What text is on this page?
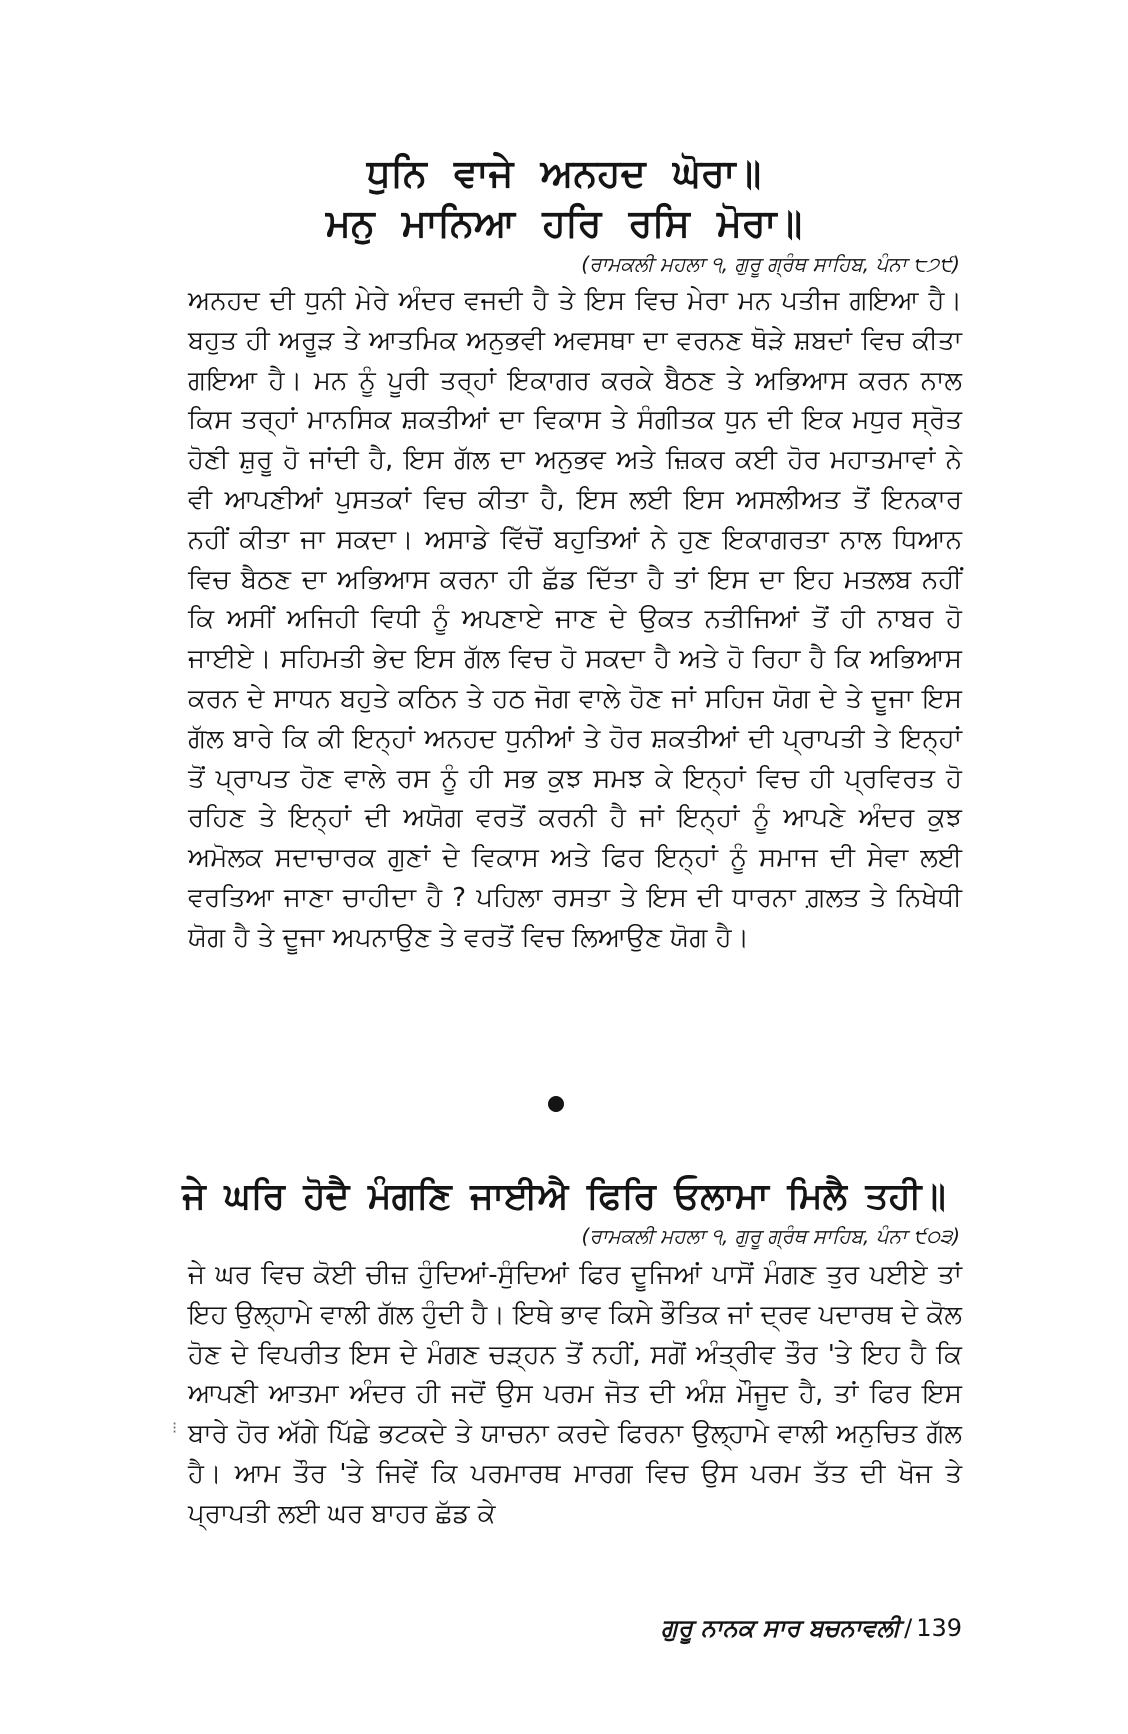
ਧੁਨਿ ਵਾਜੇ ਅਨਹਦ ਘੋਰਾ॥

ਮਨੁ ਮਾਨਿਆ ਹਰਿ ਰਸਿ ਮੋਰਾ॥

(ਰਾਮਕਲੀ ਮਹਲਾ ੧, ਗੁਰੂ ਗ੍ਰੰਥ ਸਾਹਿਬ, ਪੰਨਾ ੮੭੯)

ਅਨਹਦ ਦੀ ਧੁਨੀ ਮੇਰੇ ਅੰਦਰ ਵਜਦੀ ਹੈ ਤੇ ਇਸ ਵਿਚ ਮੇਰਾ ਮਨ ਪਤੀਜ ਗਇਆ ਹੈ। ਬਹੁਤ ਹੀ ਅਰੂੜ ਤੇ ਆਤਮਿਕ ਅਨੁਭਵੀ ਅਵਸਥਾ ਦਾ ਵਰਨਣ ਥੋੜੇ ਸ਼ਬਦਾਂ ਵਿਚ ਕੀਤਾ ਗਇਆ ਹੈ। ਮਨ ਨੂੰ ਪੂਰੀ ਤਰ੍ਹਾਂ ਇਕਾਗਰ ਕਰਕੇ ਬੈਠਣ ਤੇ ਅਭਿਆਸ ਕਰਨ ਨਾਲ ਕਿਸ ਤਰ੍ਹਾਂ ਮਾਨਸਿਕ ਸ਼ਕਤੀਆਂ ਦਾ ਵਿਕਾਸ ਤੇ ਸੰਗੀਤਕ ਧੁਨ ਦੀ ਇਕ ਮਧੁਰ ਸ੍ਰੋਤ ਹੋਣੀ ਸ਼ੁਰੂ ਹੋ ਜਾਂਦੀ ਹੈ, ਇਸ ਗੱਲ ਦਾ ਅਨੁਭਵ ਅਤੇ ਜ਼ਿਕਰ ਕਈ ਹੋਰ ਮਹਾਤਮਾਵਾਂ ਨੇ ਵੀ ਆਪਣੀਆਂ ਪੁਸਤਕਾਂ ਵਿਚ ਕੀਤਾ ਹੈ, ਇਸ ਲਈ ਇਸ ਅਸਲੀਅਤ ਤੋਂ ਇਨਕਾਰ ਨਹੀਂ ਕੀਤਾ ਜਾ ਸਕਦਾ। ਅਸਾਡੇ ਵਿੱਚੋਂ ਬਹੁਤਿਆਂ ਨੇ ਹੁਣ ਇਕਾਗਰਤਾ ਨਾਲ ਧਿਆਨ ਵਿਚ ਬੈਠਣ ਦਾ ਅਭਿਆਸ ਕਰਨਾ ਹੀ ਛੱਡ ਦਿੱਤਾ ਹੈ ਤਾਂ ਇਸ ਦਾ ਇਹ ਮਤਲਬ ਨਹੀਂ ਕਿ ਅਸੀਂ ਅਜਿਹੀ ਵਿਧੀ ਨੂੰ ਅਪਣਾਏ ਜਾਣ ਦੇ ਉਕਤ ਨਤੀਜਿਆਂ ਤੋਂ ਹੀ ਨਾਬਰ ਹੋ ਜਾਈਏ। ਸਹਿਮਤੀ ਭੇਦ ਇਸ ਗੱਲ ਵਿਚ ਹੋ ਸਕਦਾ ਹੈ ਅਤੇ ਹੋ ਰਿਹਾ ਹੈ ਕਿ ਅਭਿਆਸ ਕਰਨ ਦੇ ਸਾਧਨ ਬਹੁਤੇ ਕਠਿਨ ਤੇ ਹਠ ਜੋਗ ਵਾਲੇ ਹੋਣ ਜਾਂ ਸਹਿਜ ਯੋਗ ਦੇ ਤੇ ਦੂਜਾ ਇਸ ਗੱਲ ਬਾਰੇ ਕਿ ਕੀ ਇਨ੍ਹਾਂ ਅਨਹਦ ਧੁਨੀਆਂ ਤੇ ਹੋਰ ਸ਼ਕਤੀਆਂ ਦੀ ਪ੍ਰਾਪਤੀ ਤੇ ਇਨ੍ਹਾਂ ਤੋਂ ਪ੍ਰਾਪਤ ਹੋਣ ਵਾਲੇ ਰਸ ਨੂੰ ਹੀ ਸਭ ਕੁਝ ਸਮਝ ਕੇ ਇਨ੍ਹਾਂ ਵਿਚ ਹੀ ਪ੍ਰਵਿਰਤ ਹੋ ਰਹਿਣ ਤੇ ਇਨ੍ਹਾਂ ਦੀ ਅਯੋਗ ਵਰਤੋਂ ਕਰਨੀ ਹੈ ਜਾਂ ਇਨ੍ਹਾਂ ਨੂੰ ਆਪਣੇ ਅੰਦਰ ਕੁਝ ਅਮੋਲਕ ਸਦਾਚਾਰਕ ਗੁਣਾਂ ਦੇ ਵਿਕਾਸ ਅਤੇ ਫਿਰ ਇਨ੍ਹਾਂ ਨੂੰ ਸਮਾਜ ਦੀ ਸੇਵਾ ਲਈ ਵਰਤਿਆ ਜਾਣਾ ਚਾਹੀਦਾ ਹੈ ? ਪਹਿਲਾ ਰਸਤਾ ਤੇ ਇਸ ਦੀ ਧਾਰਨਾ ਗ਼ਲਤ ਤੇ ਨਿਖੇਧੀ ਯੋਗ ਹੈ ਤੇ ਦੂਜਾ ਅਪਨਾਉਣ ਤੇ ਵਰਤੋਂ ਵਿਚ ਲਿਆਉਣ ਯੋਗ ਹੈ।

ਜੇ ਘਰਿ ਹੋਦੈ ਮੰਗਣਿ ਜਾਈਐ ਫਿਰਿ ਓਲਾਮਾ ਮਿਲੈ ਤਹੀ॥

(ਰਾਮਕਲੀ ਮਹਲਾ ੧, ਗੁਰੂ ਗ੍ਰੰਥ ਸਾਹਿਬ, ਪੰਨਾ ੯੦੩)

ਜੇ ਘਰ ਵਿਚ ਕੋਈ ਚੀਜ਼ ਹੁੰਦਿਆਂ-ਸੁੰਦਿਆਂ ਫਿਰ ਦੂਜਿਆਂ ਪਾਸੋਂ ਮੰਗਣ ਤੁਰ ਪਈਏ ਤਾਂ ਇਹ ਉਲ੍ਹਾਮੇ ਵਾਲੀ ਗੱਲ ਹੁੰਦੀ ਹੈ। ਇਥੇ ਭਾਵ ਕਿਸੇ ਭੌਤਿਕ ਜਾਂ ਦ੍ਰਵ ਪਦਾਰਥ ਦੇ ਕੋਲ ਹੋਣ ਦੇ ਵਿਪਰੀਤ ਇਸ ਦੇ ਮੰਗਣ ਚੜ੍ਹਨ ਤੋਂ ਨਹੀਂ, ਸਗੋਂ ਅੰਤ੍ਰੀਵ ਤੌਰ 'ਤੇ ਇਹ ਹੈ ਕਿ ਆਪਣੀ ਆਤਮਾ ਅੰਦਰ ਹੀ ਜਦੋਂ ਉਸ ਪਰਮ ਜੋਤ ਦੀ ਅੰਸ਼ ਮੌਜੂਦ ਹੈ, ਤਾਂ ਫਿਰ ਇਸ ਬਾਰੇ ਹੋਰ ਅੱਗੇ ਪਿੱਛੇ ਭਟਕਦੇ ਤੇ ਯਾਚਨਾ ਕਰਦੇ ਫਿਰਨਾ ਉਲ੍ਹਾਮੇ ਵਾਲੀ ਅਨੁਚਿਤ ਗੱਲ ਹੈ। ਆਮ ਤੌਰ 'ਤੇ ਜਿਵੇਂ ਕਿ ਪਰਮਾਰਥ ਮਾਰਗ ਵਿਚ ਉਸ ਪਰਮ ਤੱਤ ਦੀ ਖੋਜ ਤੇ ਪ੍ਰਾਪਤੀ ਲਈ ਘਰ ਬਾਹਰ ਛੱਡ ਕੇ

⁝

ਗੁਰੂ ਨਾਨਕ ਸਾਰ ਬਚਨਾਵਲੀ / 139
